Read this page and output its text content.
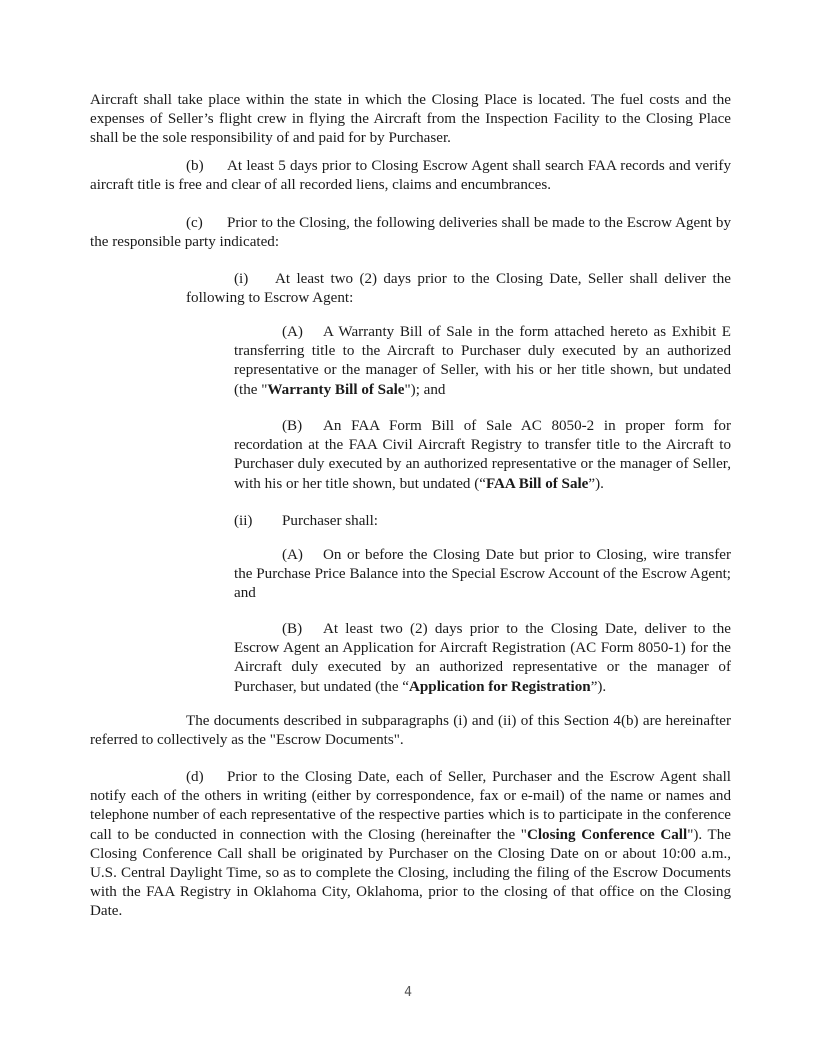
Aircraft shall take place within the state in which the Closing Place is located. The fuel costs and the expenses of Seller’s flight crew in flying the Aircraft from the Inspection Facility to the Closing Place shall be the sole responsibility of and paid for by Purchaser.

(b) At least 5 days prior to Closing Escrow Agent shall search FAA records and verify aircraft title is free and clear of all recorded liens, claims and encumbrances.

(c) Prior to the Closing, the following deliveries shall be made to the Escrow Agent by the responsible party indicated:

(i) At least two (2) days prior to the Closing Date, Seller shall deliver the following to Escrow Agent:

(A) A Warranty Bill of Sale in the form attached hereto as Exhibit E transferring title to the Aircraft to Purchaser duly executed by an authorized representative or the manager of Seller, with his or her title shown, but undated (the "Warranty Bill of Sale"); and

(B) An FAA Form Bill of Sale AC 8050-2 in proper form for recordation at the FAA Civil Aircraft Registry to transfer title to the Aircraft to Purchaser duly executed by an authorized representative or the manager of Seller, with his or her title shown, but undated (“FAA Bill of Sale”).

(ii) Purchaser shall:

(A) On or before the Closing Date but prior to Closing, wire transfer the Purchase Price Balance into the Special Escrow Account of the Escrow Agent; and

(B) At least two (2) days prior to the Closing Date, deliver to the Escrow Agent an Application for Aircraft Registration (AC Form 8050-1) for the Aircraft duly executed by an authorized representative or the manager of Purchaser, but undated (the “Application for Registration”).

The documents described in subparagraphs (i) and (ii) of this Section 4(b) are hereinafter referred to collectively as the "Escrow Documents".

(d) Prior to the Closing Date, each of Seller, Purchaser and the Escrow Agent shall notify each of the others in writing (either by correspondence, fax or e-mail) of the name or names and telephone number of each representative of the respective parties which is to participate in the conference call to be conducted in connection with the Closing (hereinafter the "Closing Conference Call"). The Closing Conference Call shall be originated by Purchaser on the Closing Date on or about 10:00 a.m., U.S. Central Daylight Time, so as to complete the Closing, including the filing of the Escrow Documents with the FAA Registry in Oklahoma City, Oklahoma, prior to the closing of that office on the Closing Date.

4
